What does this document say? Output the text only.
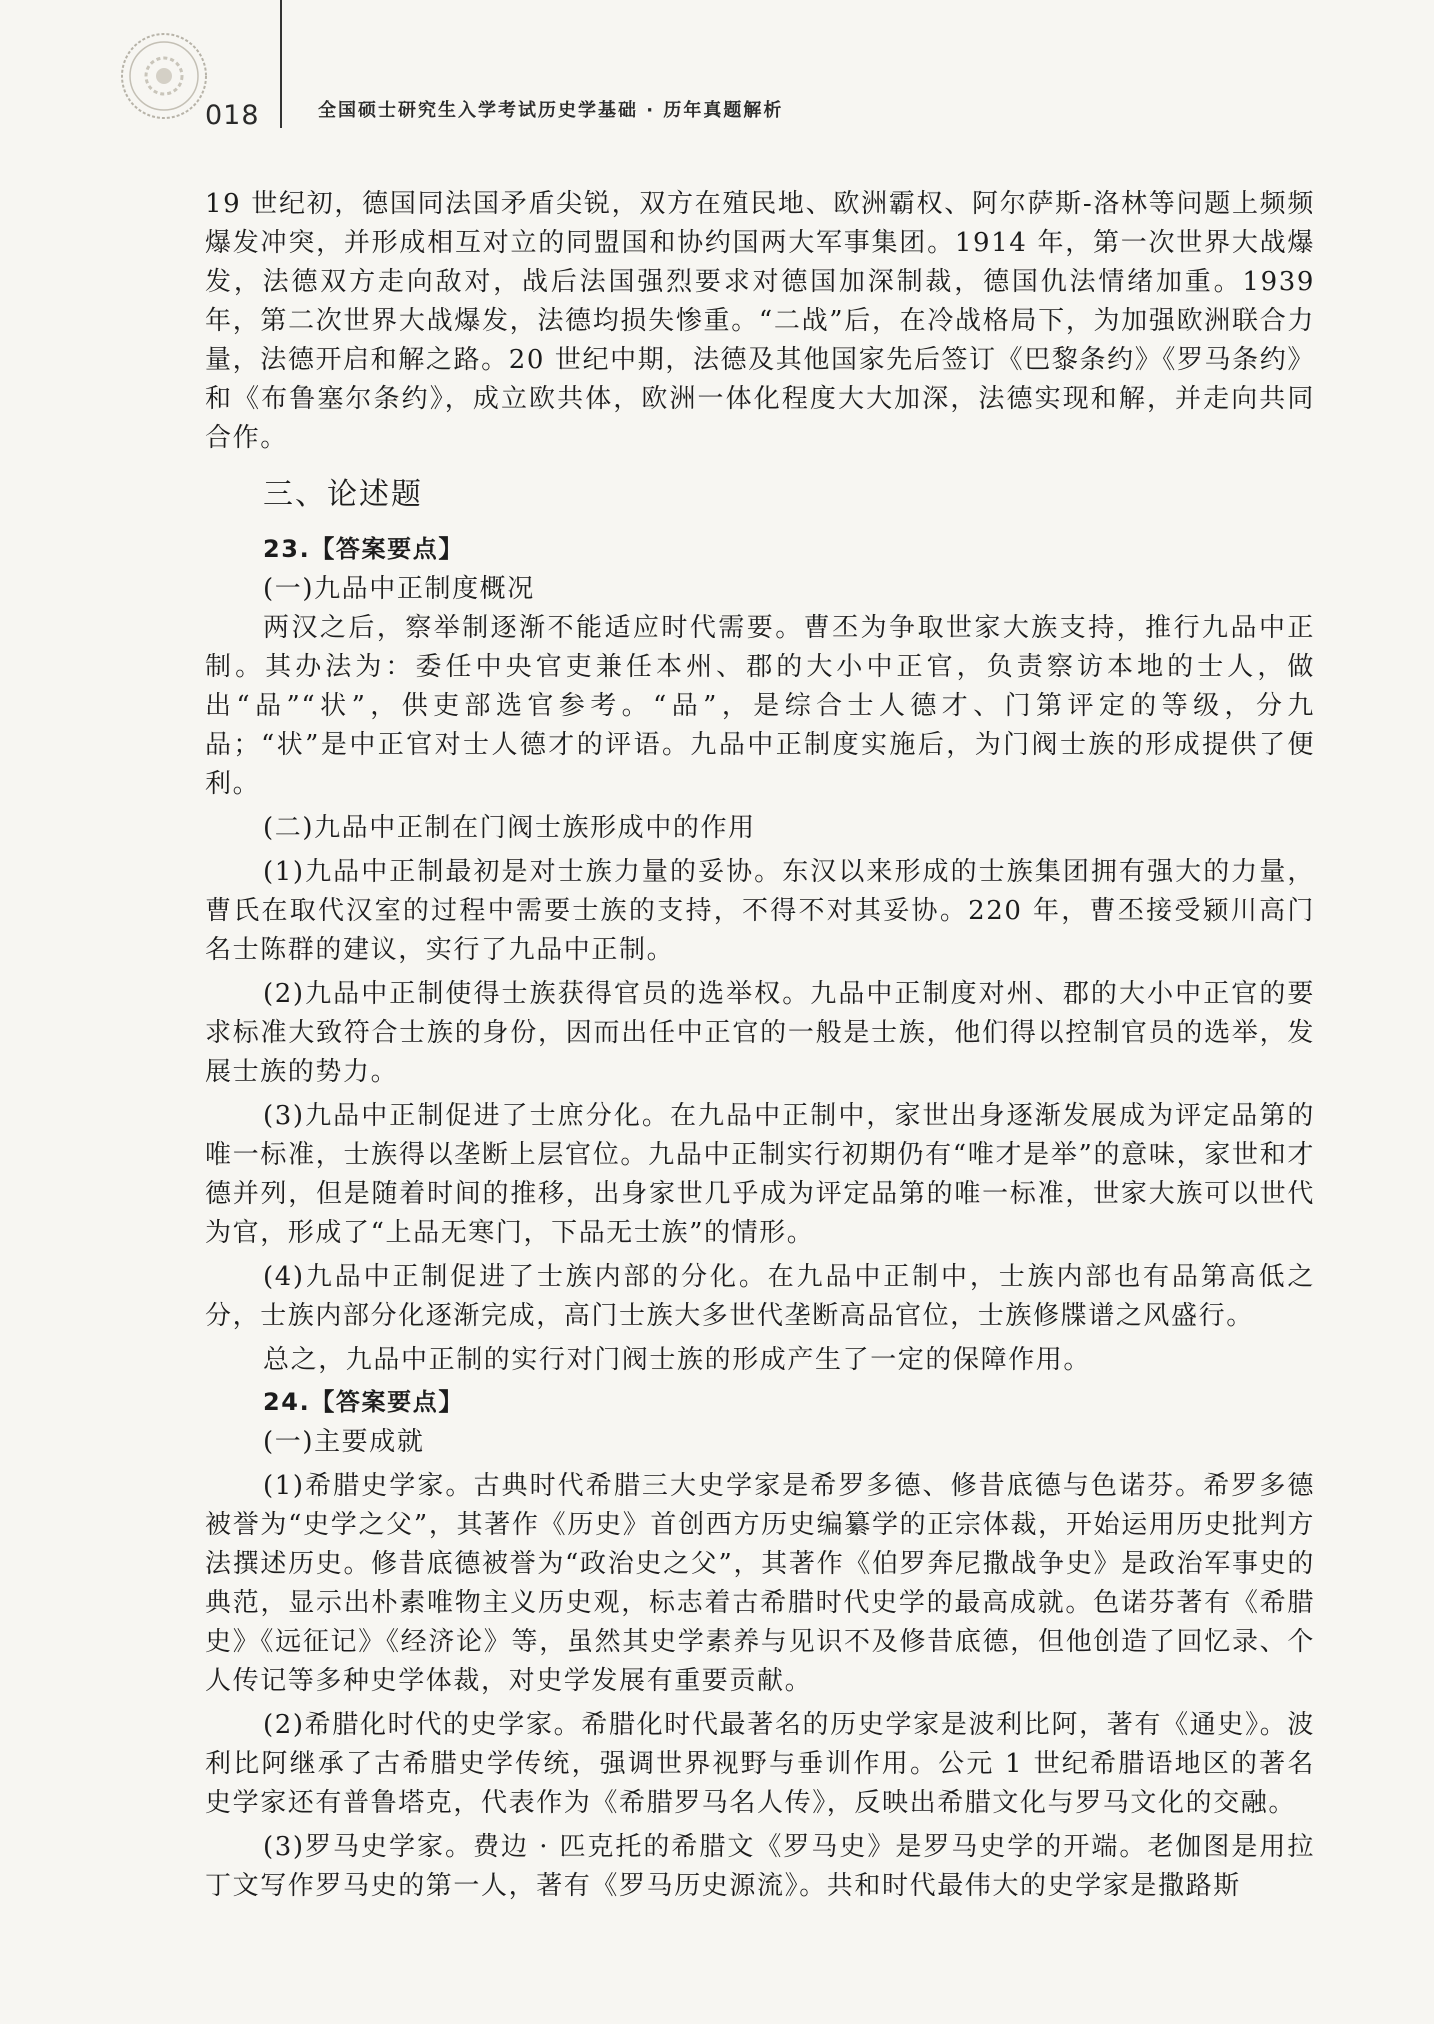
018	全国硕士研究生入学考试历史学基础 · 历年真题解析

19 世纪初，德国同法国矛盾尖锐，双方在殖民地、欧洲霸权、阿尔萨斯-洛林等问题上频频爆发冲突，并形成相互对立的同盟国和协约国两大军事集团。1914 年，第一次世界大战爆发，法德双方走向敌对，战后法国强烈要求对德国加深制裁，德国仇法情绪加重。1939 年，第二次世界大战爆发，法德均损失惨重。“二战”后，在冷战格局下，为加强欧洲联合力量，法德开启和解之路。20 世纪中期，法德及其他国家先后签订《巴黎条约》《罗马条约》和《布鲁塞尔条约》，成立欧共体，欧洲一体化程度大大加深，法德实现和解，并走向共同合作。

三、论述题

23.【答案要点】

(一)九品中正制度概况

两汉之后，察举制逐渐不能适应时代需要。曹丕为争取世家大族支持，推行九品中正制。其办法为：委任中央官吏兼任本州、郡的大小中正官，负责察访本地的士人，做出“品”“状”，供吏部选官参考。“品”，是综合士人德才、门第评定的等级，分九品；“状”是中正官对士人德才的评语。九品中正制度实施后，为门阀士族的形成提供了便利。

(二)九品中正制在门阀士族形成中的作用

(1)九品中正制最初是对士族力量的妥协。东汉以来形成的士族集团拥有强大的力量，曹氏在取代汉室的过程中需要士族的支持，不得不对其妥协。220 年，曹丕接受颍川高门名士陈群的建议，实行了九品中正制。

(2)九品中正制使得士族获得官员的选举权。九品中正制度对州、郡的大小中正官的要求标准大致符合士族的身份，因而出任中正官的一般是士族，他们得以控制官员的选举，发展士族的势力。

(3)九品中正制促进了士庶分化。在九品中正制中，家世出身逐渐发展成为评定品第的唯一标准，士族得以垄断上层官位。九品中正制实行初期仍有“唯才是举”的意味，家世和才德并列，但是随着时间的推移，出身家世几乎成为评定品第的唯一标准，世家大族可以世代为官，形成了“上品无寒门，下品无士族”的情形。

(4)九品中正制促进了士族内部的分化。在九品中正制中，士族内部也有品第高低之分，士族内部分化逐渐完成，高门士族大多世代垄断高品官位，士族修牒谱之风盛行。

总之，九品中正制的实行对门阀士族的形成产生了一定的保障作用。

24.【答案要点】

(一)主要成就

(1)希腊史学家。古典时代希腊三大史学家是希罗多德、修昔底德与色诺芬。希罗多德被誉为“史学之父”，其著作《历史》首创西方历史编纂学的正宗体裁，开始运用历史批判方法撰述历史。修昔底德被誉为“政治史之父”，其著作《伯罗奔尼撒战争史》是政治军事史的典范，显示出朴素唯物主义历史观，标志着古希腊时代史学的最高成就。色诺芬著有《希腊史》《远征记》《经济论》等，虽然其史学素养与见识不及修昔底德，但他创造了回忆录、个人传记等多种史学体裁，对史学发展有重要贡献。

(2)希腊化时代的史学家。希腊化时代最著名的历史学家是波利比阿，著有《通史》。波利比阿继承了古希腊史学传统，强调世界视野与垂训作用。公元 1 世纪希腊语地区的著名史学家还有普鲁塔克，代表作为《希腊罗马名人传》，反映出希腊文化与罗马文化的交融。

(3)罗马史学家。费边 · 匹克托的希腊文《罗马史》是罗马史学的开端。老伽图是用拉丁文写作罗马史的第一人，著有《罗马历史源流》。共和时代最伟大的史学家是撒路斯
